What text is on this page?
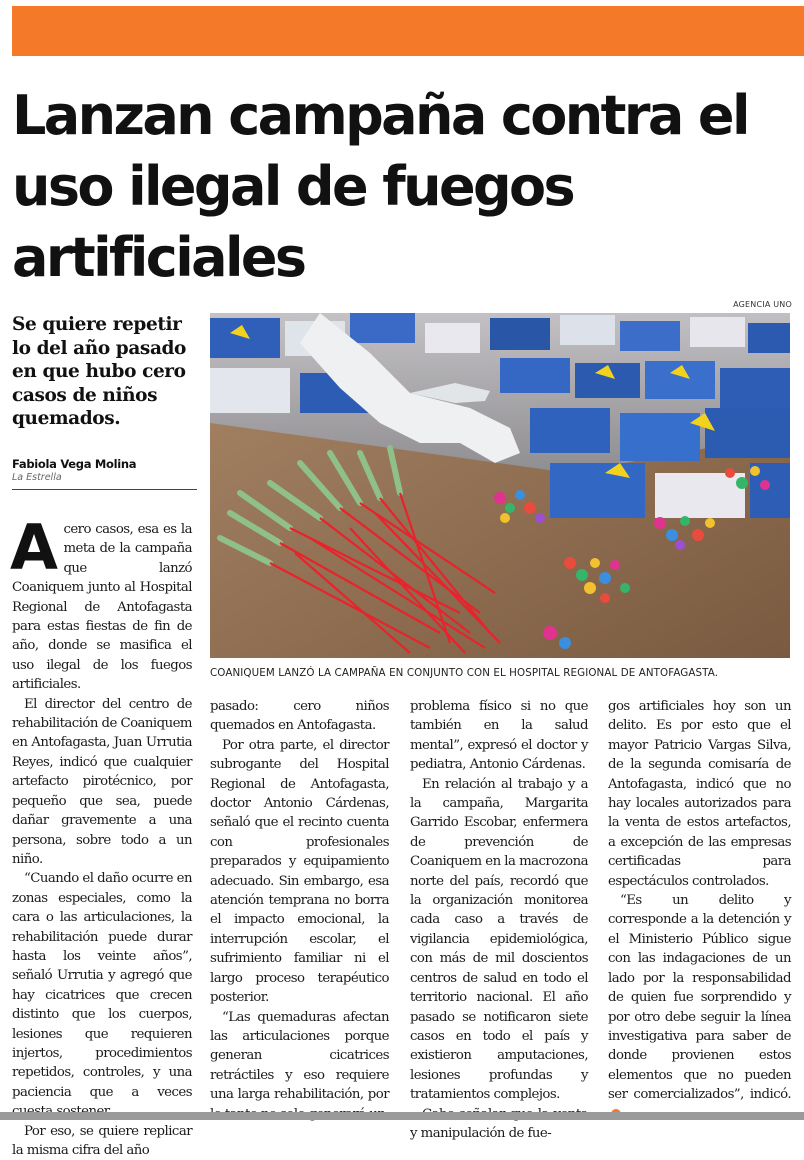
Lanzan campaña contra el uso ilegal de fuegos artificiales
AGENCIA UNO

Se quiere repetir lo del año pasado en que hubo cero casos de niños quemados.

Fabiola Vega Molina
La Estrella
COANIQUEM LANZÓ LA CAMPAÑA EN CONJUNTO CON EL HOSPITAL REGIONAL DE ANTOFAGASTA.

Acero casos, esa es la meta de la campaña que lanzó Coaniquem junto al Hospital Regional de Antofagasta para estas fiestas de fin de año, donde se masifica el uso ilegal de los fuegos artificiales.

El director del centro de rehabilitación de Coaniquem en Antofagasta, Juan Urrutia Reyes, indicó que cualquier artefacto pirotécnico, por pequeño que sea, puede dañar gravemente a una persona, sobre todo a un niño.

“Cuando el daño ocurre en zonas especiales, como la cara o las articulaciones, la rehabilitación puede durar hasta los veinte años”, señaló Urrutia y agregó que hay cicatrices que crecen distinto que los cuerpos, lesiones que requieren injertos, procedimientos repetidos, controles, y una paciencia que a veces

Por eso, se quiere replicar la misma cifra del año

pasado: cero niños quemados en Antofagasta.

Por otra parte, el director subrogante del Hospital Regional de Antofagasta, doctor Antonio Cárdenas, señaló que el recinto cuenta con profesionales preparados y equipamiento adecuado. Sin embargo, esa atención temprana no borra el impacto emocional, la interrupción escolar, el sufrimiento familiar ni el largo proceso terapéutico posterior.

“Las quemaduras afectan las articulaciones porque generan cicatrices retráctiles y eso requiere una larga rehabilitación, por

problema físico si no que también en la salud mental”, expresó el doctor y pediatra, Antonio Cárdenas.

En relación al trabajo y a la campaña, Margarita Garrido Escobar, enfermera de prevención de Coaniquem en la macrozona norte del país, recordó que la organización monitorea cada caso a través de vigilancia epidemiológica, con más de mil doscientos centros de salud en todo el territorio nacional. El año pasado se notificaron siete casos en todo el país y existieron amputaciones, lesiones profundas y tratamientos complejos.

y manipulación de fue-

gos artificiales hoy son un delito. Es por esto que el mayor Patricio Vargas Silva, de la segunda comisaría de Antofagasta, indicó que no hay locales autorizados para la venta de estos artefactos, a excepción de las empresas certificadas para espectáculos controlados.

“Es un delito y corresponde a la detención y el Ministerio Público sigue con las indagaciones de un lado por la responsabilidad de quien fue sorprendido y por otro debe seguir la línea investigativa para saber de donde provienen estos elementos que no pueden ser comercializados”, indicó.
